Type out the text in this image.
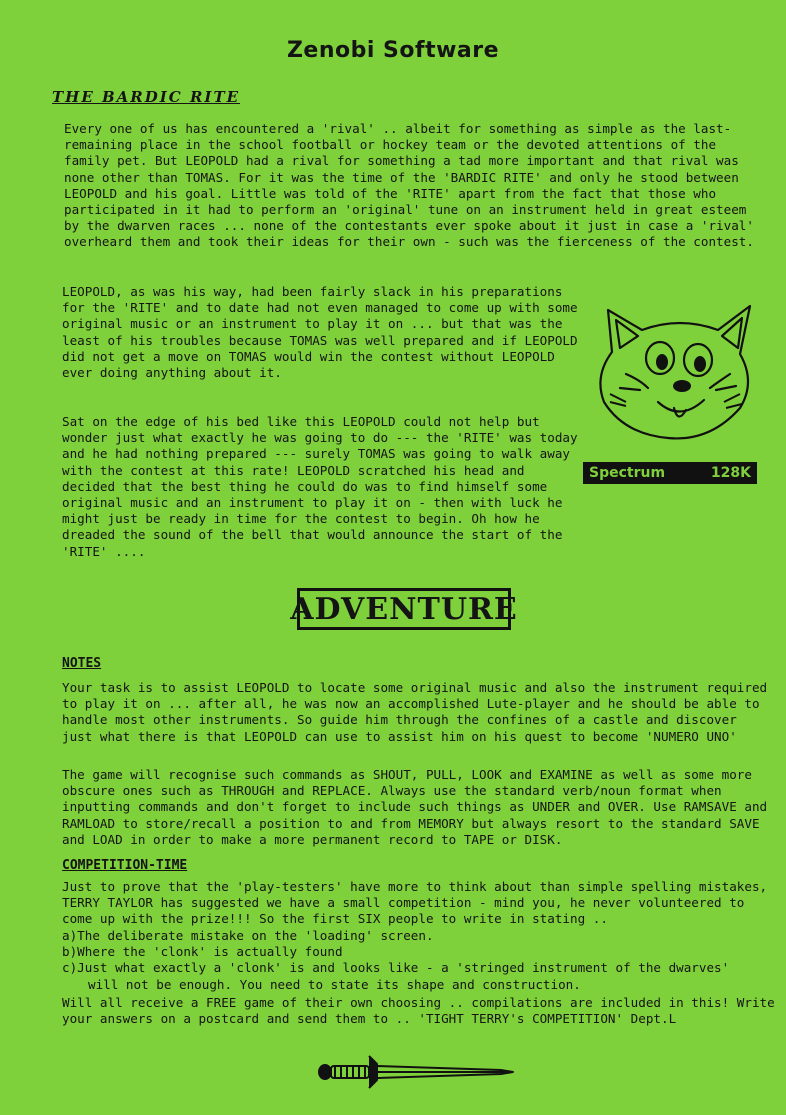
Zenobi Software
THE BARDIC RITE

Every one of us has encountered a 'rival' .. albeit for something as simple as the last-remaining place in the school football or hockey team or the devoted attentions of the family pet. But LEOPOLD had a rival for something a tad more important and that rival was none other than TOMAS. For it was the time of the 'BARDIC RITE' and only he stood between LEOPOLD and his goal. Little was told of the 'RITE' apart from the fact that those who participated in it had to perform an 'original' tune on an instrument held in great esteem by the dwarven races ... none of the contestants ever spoke about it just in case a 'rival' overheard them and took their ideas for their own - such was the fierceness of the contest.

LEOPOLD, as was his way, had been fairly slack in his preparations for the 'RITE' and to date had not even managed to come up with some original music or an instrument to play it on ... but that was the least of his troubles because TOMAS was well prepared and if LEOPOLD did not get a move on TOMAS would win the contest without LEOPOLD ever doing anything about it.

Sat on the edge of his bed like this LEOPOLD could not help but wonder just what exactly he was going to do --- the 'RITE' was today and he had nothing prepared --- surely TOMAS was going to walk away with the contest at this rate! LEOPOLD scratched his head and decided that the best thing he could do was to find himself some original music and an instrument to play it on - then with luck he might just be ready in time for the contest to begin. Oh how he dreaded the sound of the bell that would announce the start of the 'RITE' ....

Spectrum	128K
ADVENTURE
NOTES

Your task is to assist LEOPOLD to locate some original music and also the instrument required to play it on ... after all, he was now an accomplished Lute-player and he should be able to handle most other instruments. So guide him through the confines of a castle and discover just what there is that LEOPOLD can use to assist him on his quest to become 'NUMERO UNO'

The game will recognise such commands as SHOUT, PULL, LOOK and EXAMINE as well as some more obscure ones such as THROUGH and REPLACE. Always use the standard verb/noun format when inputting commands and don't forget to include such things as UNDER and OVER. Use RAMSAVE and RAMLOAD to store/recall a position to and from MEMORY but always resort to the standard SAVE and LOAD in order to make a more permanent record to TAPE or DISK.

COMPETITION-TIME

Just to prove that the 'play-testers' have more to think about than simple spelling mistakes, TERRY TAYLOR has suggested we have a small competition - mind you, he never volunteered to come up with the prize!!! So the first SIX people to write in stating ..

a)The deliberate mistake on the 'loading' screen.
b)Where the 'clonk' is actually found
c)Just what exactly a 'clonk' is and looks like - a 'stringed instrument of the dwarves'
will not be enough. You need to state its shape and construction.

Will all receive a FREE game of their own choosing .. compilations are included in this! Write your answers on a postcard and send them to .. 'TIGHT TERRY's COMPETITION' Dept.L
